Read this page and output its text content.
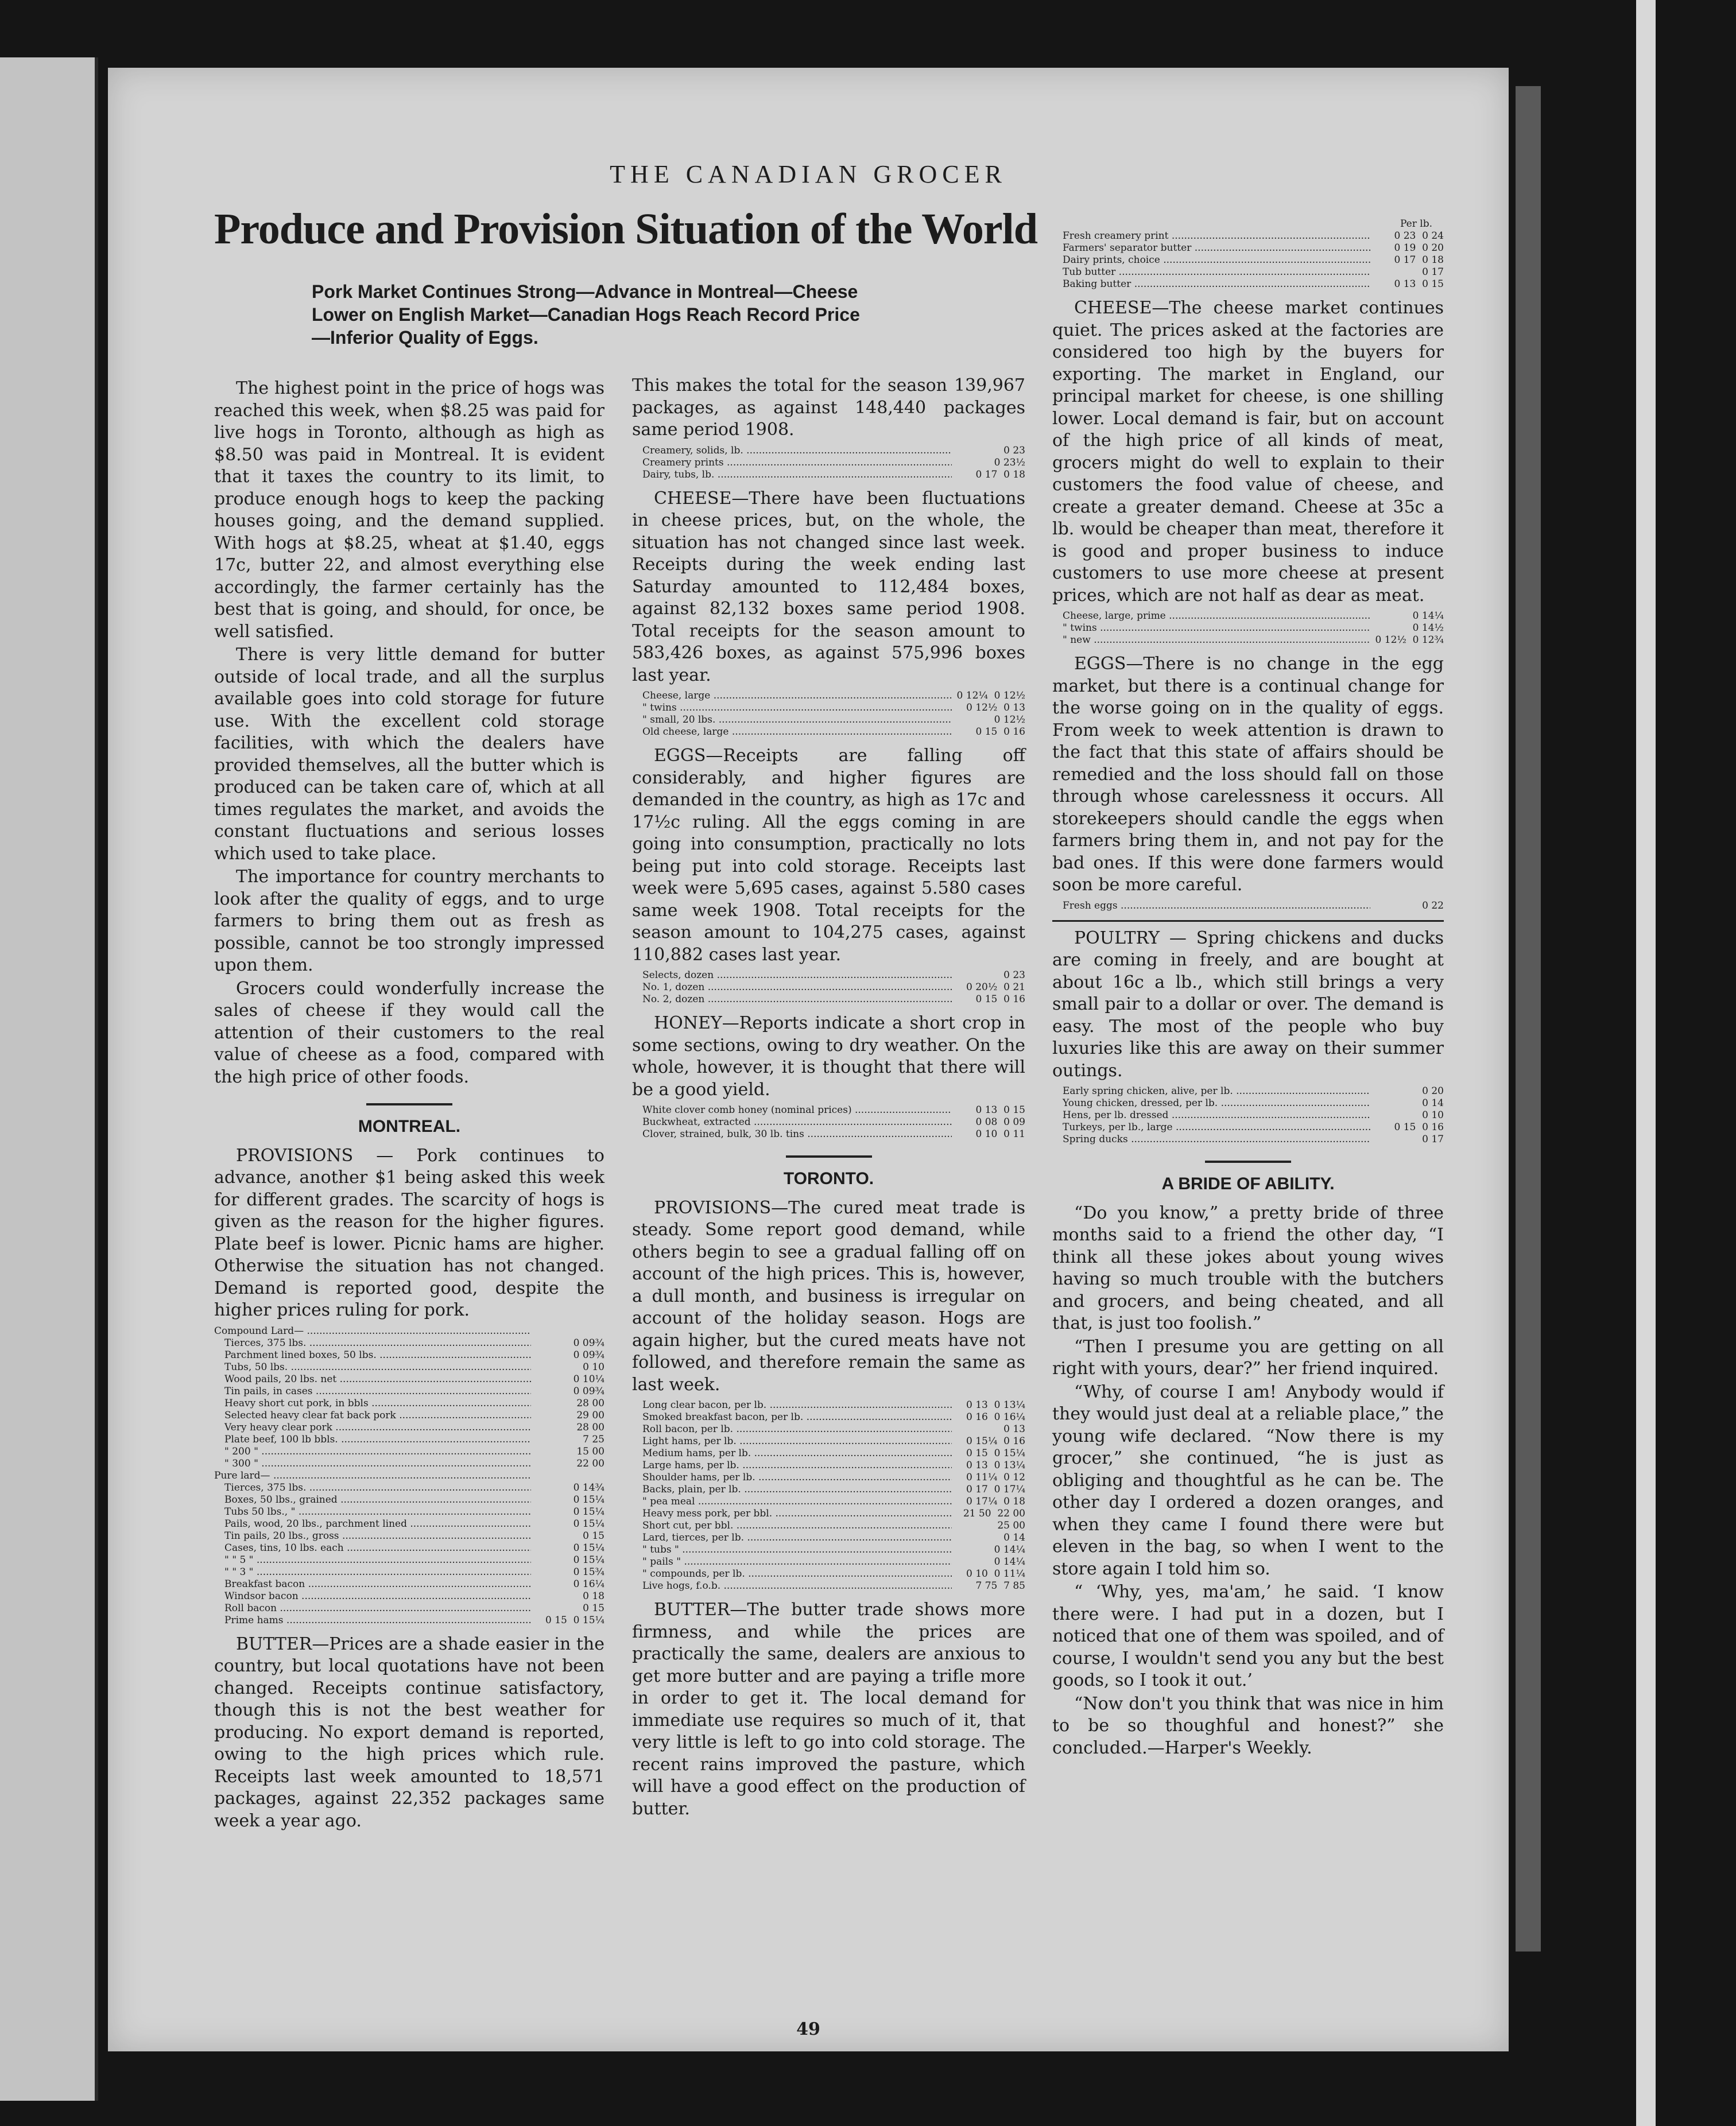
THE CANADIAN GROCER
Produce and Provision Situation of the World
Pork Market Continues Strong—Advance in Montreal—Cheese
Lower on English Market—Canadian Hogs Reach Record Price
—Inferior Quality of Eggs.

The highest point in the price of hogs was reached this week, when $8.25 was paid for live hogs in Toronto, although as high as $8.50 was paid in Montreal. It is evident that it taxes the country to its limit, to produce enough hogs to keep the packing houses going, and the demand supplied. With hogs at $8.25, wheat at $1.40, eggs 17c, butter 22, and almost everything else accordingly, the farmer certainly has the best that is going, and should, for once, be well satisfied.

There is very little demand for butter outside of local trade, and all the surplus available goes into cold storage for future use. With the excellent cold storage facilities, with which the dealers have provided themselves, all the butter which is produced can be taken care of, which at all times regulates the market, and avoids the constant fluctuations and serious losses which used to take place.

The importance for country merchants to look after the quality of eggs, and to urge farmers to bring them out as fresh as possible, cannot be too strongly impressed upon them.

Grocers could wonderfully increase the sales of cheese if they would call the attention of their customers to the real value of cheese as a food, compared with the high price of other foods.

MONTREAL.

PROVISIONS — Pork continues to advance, another $1 being asked this week for different grades. The scarcity of hogs is given as the reason for the higher figures. Plate beef is lower. Picnic hams are higher. Otherwise the situation has not changed. Demand is reported good, despite the higher prices ruling for pork.

Compound Lard— .....
Tierces, 375 lbs. .....	0 09¾
Parchment lined boxes, 50 lbs. .....	0 09¾
Tubs, 50 lbs. .....	0 10
Wood pails, 20 lbs. net .....	0 10¼
Tin pails, in cases .....	0 09¾
Heavy short cut pork, in bbls .....	28 00
Selected heavy clear fat back pork .....	29 00
Very heavy clear pork .....	28 00
Plate beef, 100 lb bbls. .....	7 25
" 200 " .....	15 00
" 300 " .....	22 00
Pure lard— .....
Tierces, 375 lbs. .....	0 14¾
Boxes, 50 lbs., grained .....	0 15¼
Tubs 50 lbs., " .....	0 15¼
Pails, wood, 20 lbs., parchment lined .....	0 15¼
Tin pails, 20 lbs., gross .....	0 15
Cases, tins, 10 lbs. each .....	0 15¼
" " 5 " .....	0 15¼
" " 3 " .....	0 15¾
Breakfast bacon .....	0 16¼
Windsor bacon .....	0 18
Roll bacon .....	0 15
Prime hams .....	0 15  0 15¼

BUTTER—Prices are a shade easier in the country, but local quotations have not been changed. Receipts continue satisfactory, though this is not the best weather for producing. No export demand is reported, owing to the high prices which rule. Receipts last week amounted to 18,571 packages, against 22,352 packages same week a year ago.

This makes the total for the season 139,967 packages, as against 148,440 packages same period 1908.

Creamery, solids, lb. .....	0 23
Creamery prints .....	0 23½
Dairy, tubs, lb. .....	0 17  0 18

CHEESE—There have been fluctuations in cheese prices, but, on the whole, the situation has not changed since last week. Receipts during the week ending last Saturday amounted to 112,484 boxes, against 82,132 boxes same period 1908. Total receipts for the season amount to 583,426 boxes, as against 575,996 boxes last year.

Cheese, large .....	0 12¼  0 12½
" twins .....	0 12½  0 13
" small, 20 lbs. .....	0 12½
Old cheese, large .....	0 15  0 16

EGGS—Receipts are falling off considerably, and higher figures are demanded in the country, as high as 17c and 17½c ruling. All the eggs coming in are going into consumption, practically no lots being put into cold storage. Receipts last week were 5,695 cases, against 5.580 cases same week 1908. Total receipts for the season amount to 104,275 cases, against 110,882 cases last year.

Selects, dozen .....	0 23
No. 1, dozen .....	0 20½  0 21
No. 2, dozen .....	0 15  0 16

HONEY—Reports indicate a short crop in some sections, owing to dry weather. On the whole, however, it is thought that there will be a good yield.

White clover comb honey (nominal prices) .....	0 13  0 15
Buckwheat, extracted .....	0 08  0 09
Clover, strained, bulk, 30 lb. tins .....	0 10  0 11
TORONTO.

PROVISIONS—The cured meat trade is steady. Some report good demand, while others begin to see a gradual falling off on account of the high prices. This is, however, a dull month, and business is irregular on account of the holiday season. Hogs are again higher, but the cured meats have not followed, and therefore remain the same as last week.

Long clear bacon, per lb. .....	0 13  0 13¼
Smoked breakfast bacon, per lb. .....	0 16  0 16¼
Roll bacon, per lb. .....	0 13
Light hams, per lb. .....	0 15¼  0 16
Medium hams, per lb. .....	0 15  0 15¼
Large hams, per lb. .....	0 13  0 13¼
Shoulder hams, per lb. .....	0 11¼  0 12
Backs, plain, per lb. .....	0 17  0 17¼
" pea meal .....	0 17¼  0 18
Heavy mess pork, per bbl. .....	21 50  22 00
Short cut, per bbl. .....	25 00
Lard, tierces, per lb. .....	0 14
" tubs " .....	0 14¼
" pails " .....	0 14¼
" compounds, per lb. .....	0 10  0 11¼
Live hogs, f.o.b. .....	7 75  7 85

BUTTER—The butter trade shows more firmness, and while the prices are practically the same, dealers are anxious to get more butter and are paying a trifle more in order to get it. The local demand for immediate use requires so much of it, that very little is left to go into cold storage. The recent rains improved the pasture, which will have a good effect on the production of butter.

Per lb.
Fresh creamery print .....	0 23  0 24
Farmers' separator butter .....	0 19  0 20
Dairy prints, choice .....	0 17  0 18
Tub butter .....	0 17
Baking butter .....	0 13  0 15

CHEESE—The cheese market continues quiet. The prices asked at the factories are considered too high by the buyers for exporting. The market in England, our principal market for cheese, is one shilling lower. Local demand is fair, but on account of the high price of all kinds of meat, grocers might do well to explain to their customers the food value of cheese, and create a greater demand. Cheese at 35c a lb. would be cheaper than meat, therefore it is good and proper business to induce customers to use more cheese at present prices, which are not half as dear as meat.

Cheese, large, prime .....	0 14¼
" twins .....	0 14½
" new .....	0 12½  0 12¾

EGGS—There is no change in the egg market, but there is a continual change for the worse going on in the quality of eggs. From week to week attention is drawn to the fact that this state of affairs should be remedied and the loss should fall on those through whose carelessness it occurs. All storekeepers should candle the eggs when farmers bring them in, and not pay for the bad ones. If this were done farmers would soon be more careful.

Fresh eggs .....	0 22

POULTRY — Spring chickens and ducks are coming in freely, and are bought at about 16c a lb., which still brings a very small pair to a dollar or over. The demand is easy. The most of the people who buy luxuries like this are away on their summer outings.

Early spring chicken, alive, per lb. .....	0 20
Young chicken, dressed, per lb. .....	0 14
Hens, per lb. dressed .....	0 10
Turkeys, per lb., large .....	0 15  0 16
Spring ducks .....	0 17
A BRIDE OF ABILITY.

“Do you know,” a pretty bride of three months said to a friend the other day, “I think all these jokes about young wives having so much trouble with the butchers and grocers, and being cheated, and all that, is just too foolish.”

“Then I presume you are getting on all right with yours, dear?” her friend inquired.

“Why, of course I am! Anybody would if they would just deal at a reliable place,” the young wife declared. “Now there is my grocer,” she continued, “he is just as obliging and thoughtful as he can be. The other day I ordered a dozen oranges, and when they came I found there were but eleven in the bag, so when I went to the store again I told him so.

“ ‘Why, yes, ma'am,’ he said. ‘I know there were. I had put in a dozen, but I noticed that one of them was spoiled, and of course, I wouldn't send you any but the best goods, so I took it out.’

“Now don't you think that was nice in him to be so thoughful and honest?” she concluded.—Harper's Weekly.

49
